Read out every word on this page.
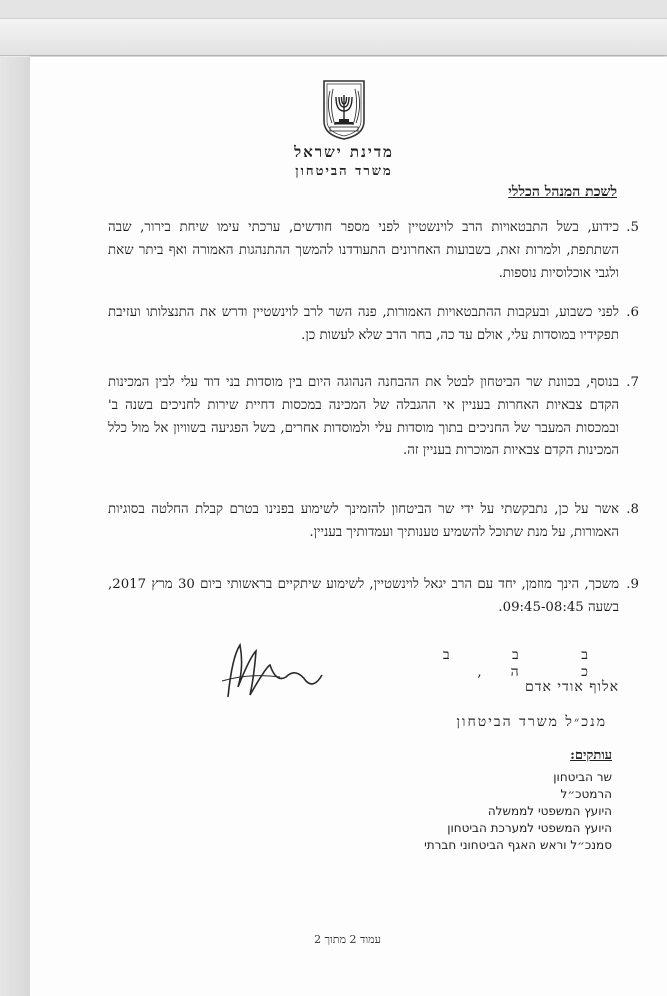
מדינת ישראל
משרד הביטחון
לשכת המנהל הכללי
5.
כידוע, בשל התבטאויות הרב לוינשטיין לפני מספר חודשים, ערכתי עימו שיחת בירור, שבה השתתפת, ולמרות זאת, בשבועות האחרונים התעודדנו להמשך ההתנהגות האמורה ואף ביתר שאת ולגבי אוכלוסיות נוספות.
6.
לפני כשבוע, ובעקבות ההתבטאויות האמורות, פנה השר לרב לוינשטיין ודרש את התנצלותו ועזיבת תפקידיו במוסדות עלי, אולם עד כה, בחר הרב שלא לעשות כן.
7.
בנוסף, בכוונת שר הביטחון לבטל את ההבחנה הנהוגה היום בין מוסדות בני דוד עלי לבין המכינות הקדם צבאיות האחרות בעניין אי ההגבלה של המכינה במכסות דחיית שירות לחניכים בשנה ב' ובמכסות המעבר של החניכים בתוך מוסדות עלי ולמוסדות אחרים, בשל הפגיעה בשוויון אל מול כלל המכינות הקדם צבאיות המוכרות בעניין זה.
8.
אשר על כן, נתבקשתי על ידי שר הביטחון להזמינך לשימוע בפנינו בטרם קבלת החלטה בסוגיות האמורות, על מנת שתוכל להשמיע טענותיך ועמדותיך בעניין.
9.
משכך, הינך מוזמן, יחד עם הרב יגאל לוינשטיין, לשימוע שיתקיים בראשותי ביום 30 מרץ 2017, בשעה 09:45-08:45.
ב ב ב כ ה,
אלוף אודי אדם
מנכ״ל משרד הביטחון
עותקים:
שר הביטחון
הרמטכ״ל
היועץ המשפטי לממשלה
היועץ המשפטי למערכת הביטחון
סמנכ״ל וראש האגף הביטחוני חברתי
עמוד 2 מתוך 2
